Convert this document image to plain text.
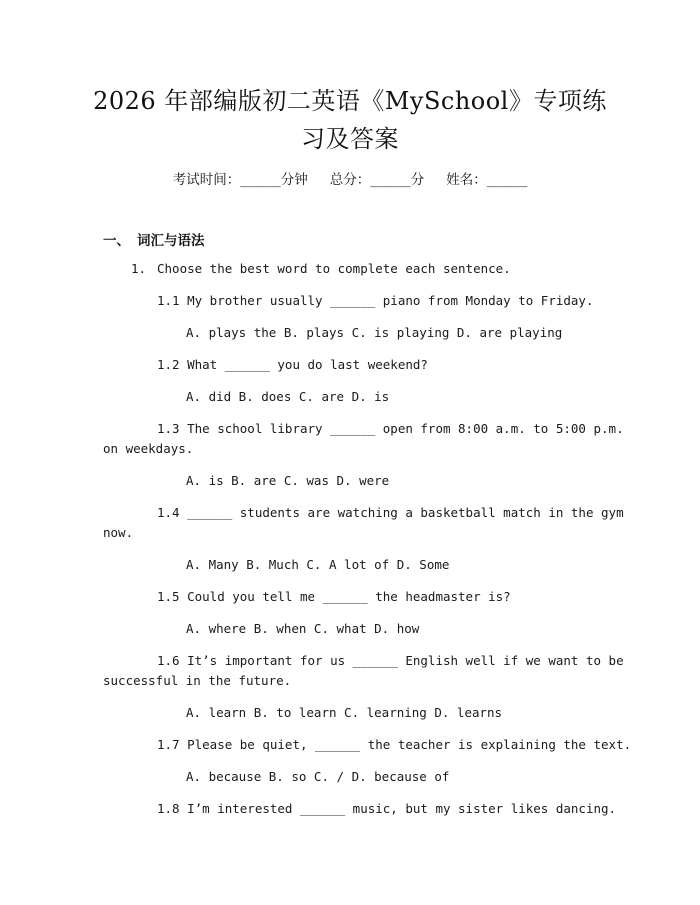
2026 年部编版初二英语《MySchool》专项练
习及答案
考试时间：______分钟 总分：______分 姓名：______
一、 词汇与语法
1. Choose the best word to complete each sentence.
1.1 My brother usually ______ piano from Monday to Friday.
A. plays the B. plays C. is playing D. are playing
1.2 What ______ you do last weekend?
A. did B. does C. are D. is
1.3 The school library ______ open from 8:00 a.m. to 5:00 p.m.
on weekdays.
A. is B. are C. was D. were
1.4 ______ students are watching a basketball match in the gym
now.
A. Many B. Much C. A lot of D. Some
1.5 Could you tell me ______ the headmaster is?
A. where B. when C. what D. how
1.6 It’s important for us ______ English well if we want to be
successful in the future.
A. learn B. to learn C. learning D. learns
1.7 Please be quiet, ______ the teacher is explaining the text.
A. because B. so C. / D. because of
1.8 I’m interested ______ music, but my sister likes dancing.
